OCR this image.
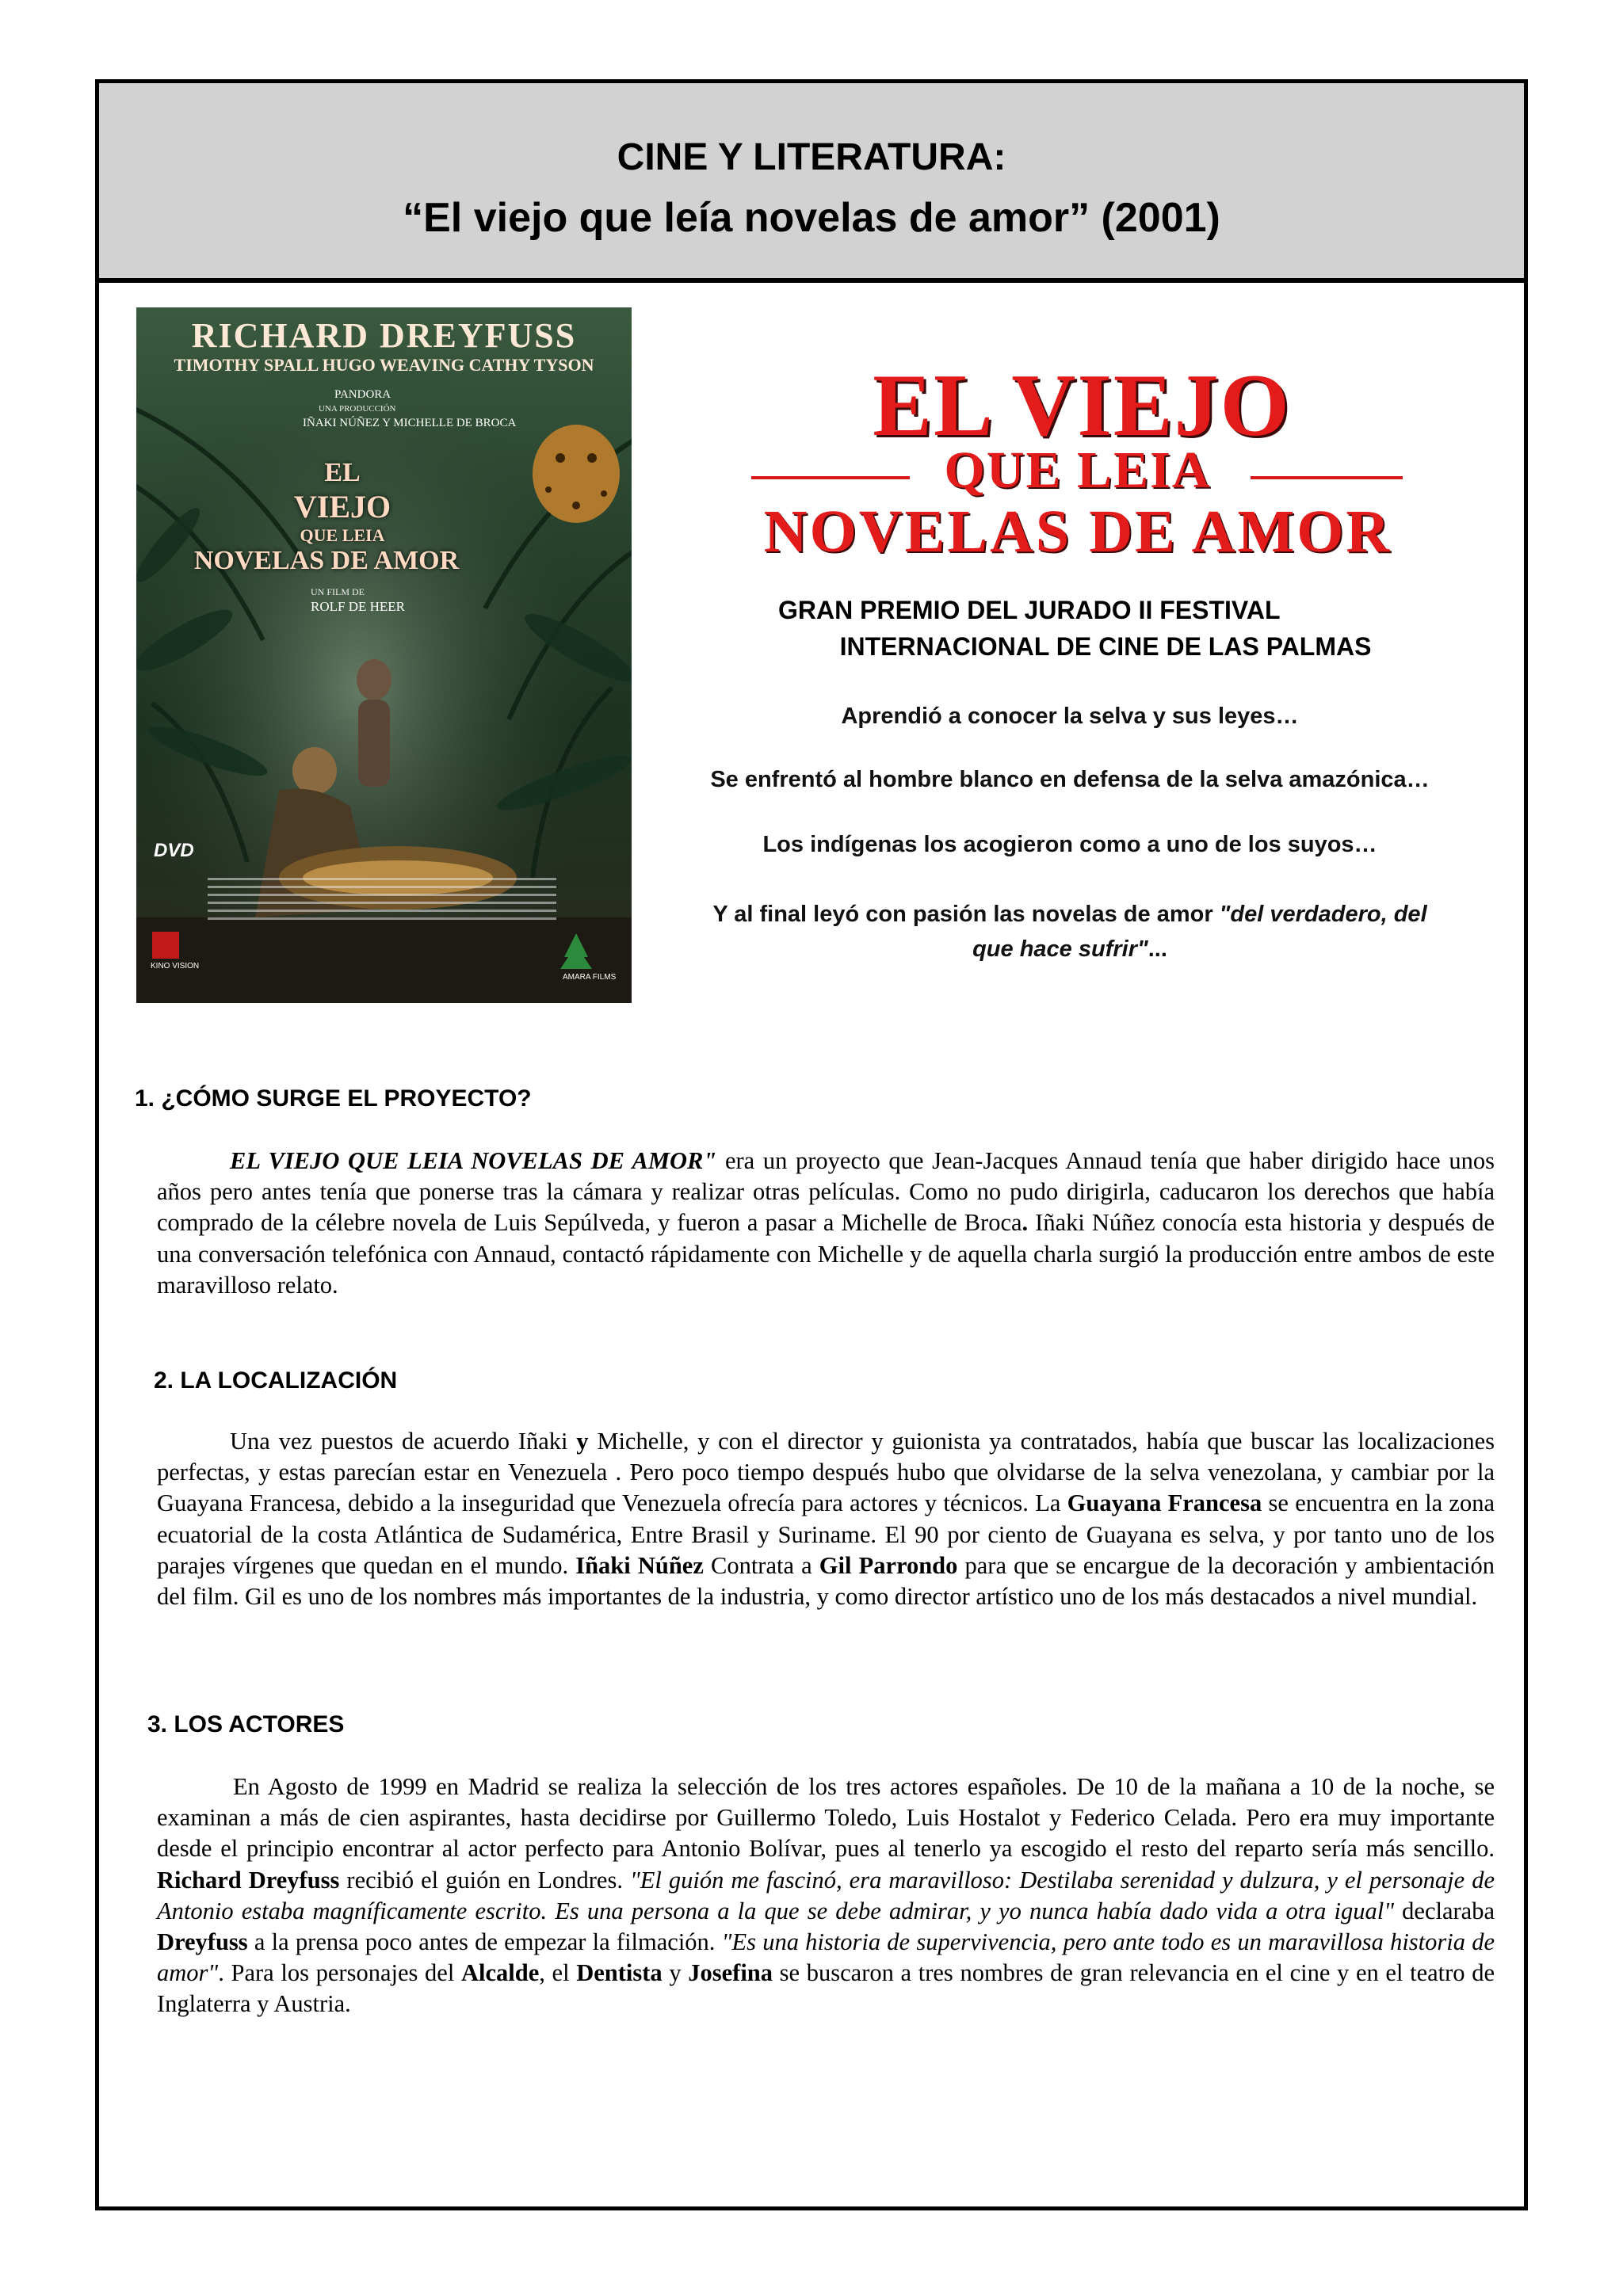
CINE Y LITERATURA:
“El viejo que leía novelas de amor” (2001)
RICHARD DREYFUSS
TIMOTHY SPALL HUGO WEAVING CATHY TYSON
PANDORA
UNA PRODUCCIÓN
IÑAKI NÚÑEZ Y MICHELLE DE BROCA
EL
VIEJO
QUE LEIA
NOVELAS DE AMOR
UN FILM DE
ROLF DE HEER
DVD
KINO VISION
AMARA FILMS
EL VIEJO
QUE LEIA
NOVELAS DE AMOR
GRAN PREMIO DEL JURADO II FESTIVAL
INTERNACIONAL DE CINE DE LAS PALMAS
Aprendió a conocer la selva y sus leyes…
Se enfrentó al hombre blanco en defensa de la selva amazónica…
Los indígenas los acogieron como a uno de los suyos…
Y al final leyó con pasión las novelas de amor "del verdadero, del
que hace sufrir"...
1. ¿CÓMO SURGE EL PROYECTO?

EL VIEJO QUE LEIA NOVELAS DE AMOR" era un proyecto que Jean-Jacques Annaud tenía que haber dirigido hace unos años pero antes tenía que ponerse tras la cámara y realizar otras películas. Como no pudo dirigirla, caducaron los derechos que había comprado de la célebre novela de Luis Sepúlveda, y fueron a pasar a Michelle de Broca. Iñaki Núñez conocía esta historia y después de una conversación telefónica con Annaud, contactó rápidamente con Michelle y de aquella charla surgió la producción entre ambos de este maravilloso relato.

2. LA LOCALIZACIÓN

Una vez puestos de acuerdo Iñaki y Michelle, y con el director y guionista ya contratados, había que buscar las localizaciones perfectas, y estas parecían estar en Venezuela . Pero poco tiempo después hubo que olvidarse de la selva venezolana, y cambiar por la Guayana Francesa, debido a la inseguridad que Venezuela ofrecía para actores y técnicos. La Guayana Francesa se encuentra en la zona ecuatorial de la costa Atlántica de Sudamérica, Entre Brasil y Suriname. El 90 por ciento de Guayana es selva, y por tanto uno de los parajes vírgenes que quedan en el mundo. Iñaki Núñez Contrata a Gil Parrondo para que se encargue de la decoración y ambientación del film. Gil es uno de los nombres más importantes de la industria, y como director artístico uno de los más destacados a nivel mundial.

3. LOS ACTORES

En Agosto de 1999 en Madrid se realiza la selección de los tres actores españoles. De 10 de la mañana a 10 de la noche, se examinan a más de cien aspirantes, hasta decidirse por Guillermo Toledo, Luis Hostalot y Federico Celada. Pero era muy importante desde el principio encontrar al actor perfecto para Antonio Bolívar, pues al tenerlo ya escogido el resto del reparto sería más sencillo. Richard Dreyfuss recibió el guión en Londres. "El guión me fascinó, era maravilloso: Destilaba serenidad y dulzura, y el personaje de Antonio estaba magníficamente escrito. Es una persona a la que se debe admirar, y yo nunca había dado vida a otra igual" declaraba Dreyfuss a la prensa poco antes de empezar la filmación. "Es una historia de supervivencia, pero ante todo es un maravillosa historia de amor". Para los personajes del Alcalde, el Dentista y Josefina se buscaron a tres nombres de gran relevancia en el cine y en el teatro de Inglaterra y Austria.
